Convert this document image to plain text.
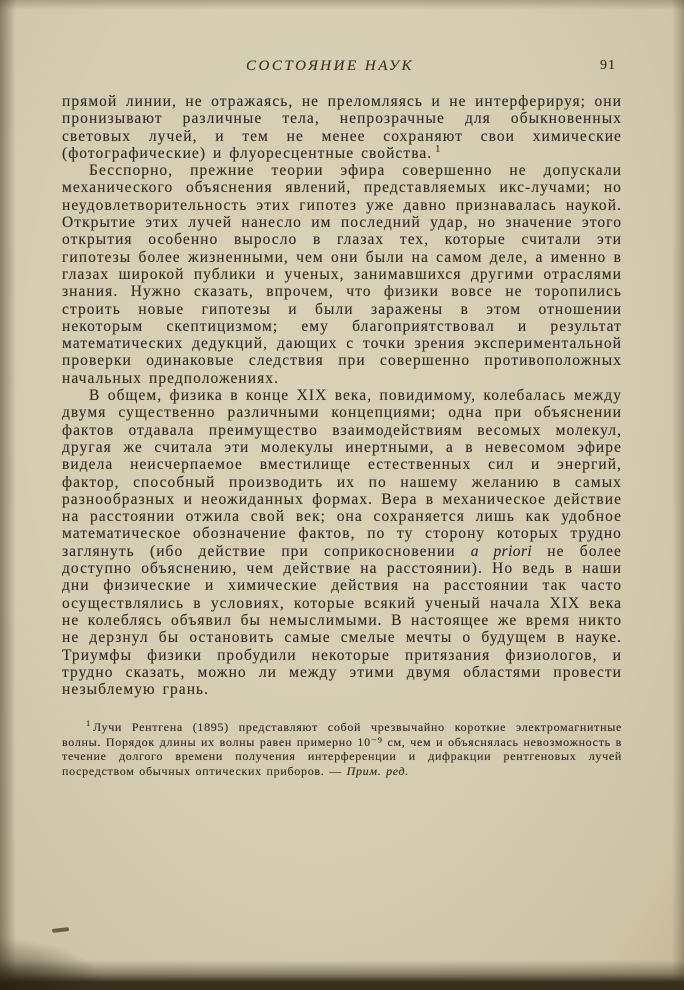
СОСТОЯНИЕ НАУК	91

прямой линии, не отражаясь, не преломляясь и не интерферируя; они пронизывают различные тела, непрозрачные для обыкновенных световых лучей, и тем не менее сохраняют свои химические (фотографические) и флуоресцентные свойства. $^1$

Бесспорно, прежние теории эфира совершенно не допускали механического объяснения явлений, представляемых икс-лучами; но неудовлетворительность этих гипотез уже давно признавалась наукой. Открытие этих лучей нанесло им последний удар, но значение этого открытия особенно выросло в глазах тех, которые считали эти гипотезы более жизненными, чем они были на самом деле, а именно в глазах широкой публики и ученых, занимавшихся другими отраслями знания. Нужно сказать, впрочем, что физики вовсе не торопились строить новые гипотезы и были заражены в этом отношении некоторым скептицизмом; ему благоприятствовал и результат математических дедукций, дающих с точки зрения экспериментальной проверки одинаковые следствия при совершенно противоположных начальных предположениях.

В общем, физика в конце XIX века, повидимому, колебалась между двумя существенно различными концепциями; одна при объяснении фактов отдавала преимущество взаимодействиям весомых молекул, другая же считала эти молекулы инертными, а в невесомом эфире видела неисчерпаемое вместилище естественных сил и энергий, фактор, способный производить их по нашему желанию в самых разнообразных и неожиданных формах. Вера в механическое действие на расстоянии отжила свой век; она сохраняется лишь как удобное математическое обозначение фактов, по ту сторону которых трудно заглянуть (ибо действие при соприкосновении a priori не более доступно объяснению, чем действие на расстоянии). Но ведь в наши дни физические и химические действия на расстоянии так часто осуществлялись в условиях, которые всякий ученый начала XIX века не колеблясь объявил бы немыслимыми. В настоящее же время никто не дерзнул бы остановить самые смелые мечты о будущем в науке. Триумфы физики пробудили некоторые притязания физиологов, и трудно сказать, можно ли между этими двумя областями провести незыблемую грань.

$^1$ Лучи Рентгена (1895) представляют собой чрезвычайно короткие электромагнитные волны. Порядок длины их волны равен примерно 10⁻⁹ см, чем и объяснялась невозможность в течение долгого времени получения интерференции и дифракции рентгеновых лучей посредством обычных оптических приборов. — Прим. ред.
